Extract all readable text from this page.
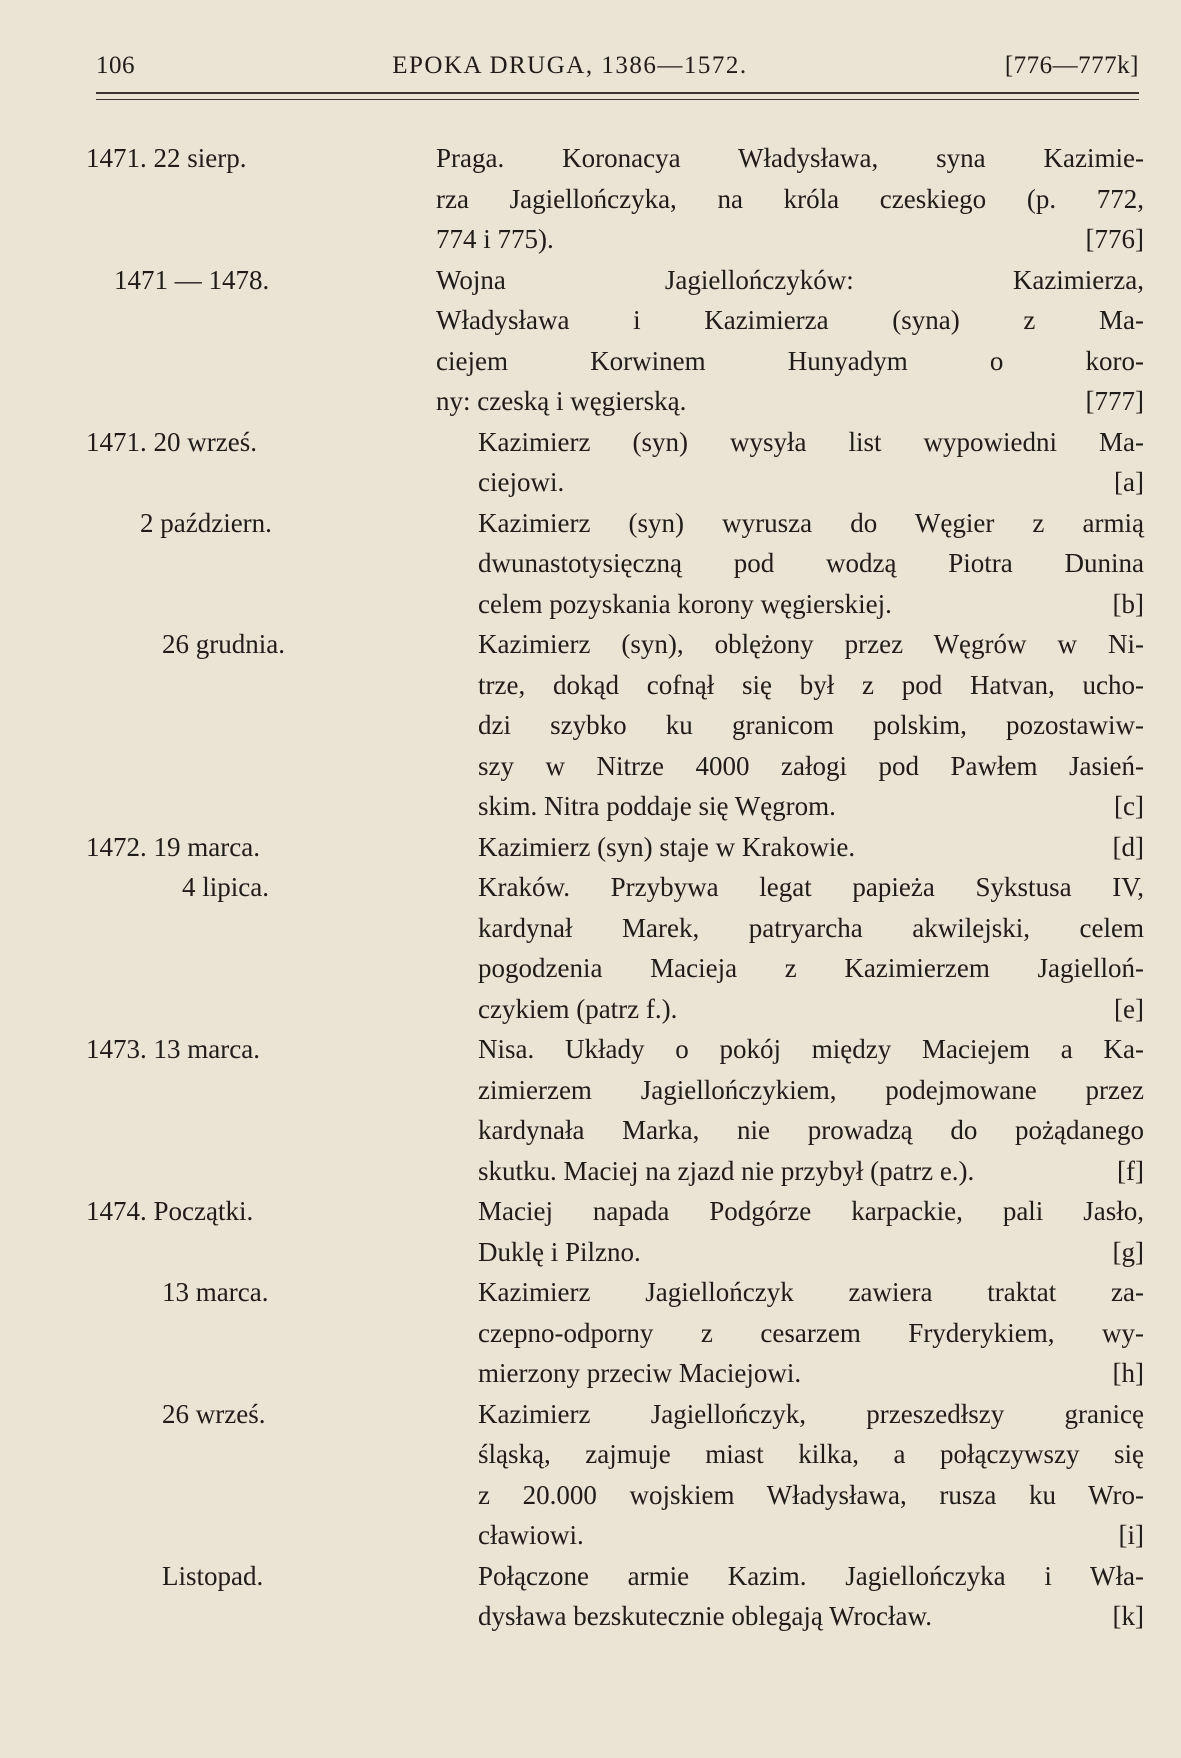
106	EPOKA DRUGA, 1386—1572.	[776—777k]
1471. 22 sierp.	Praga. Koronacya Władysława, syna Kazimie-
rza Jagiellończyka, na króla czeskiego (p. 772,
774 i 775).	[776]
1471 — 1478.	Wojna Jagiellończyków: Kazimierza,
Władysława i Kazimierza (syna) z Ma-
ciejem Korwinem Hunyadym o koro-
ny: czeską i węgierską.	[777]
1471. 20 wrześ.	Kazimierz (syn) wysyła list wypowiedni Ma-
ciejowi.	[a]
2 październ.	Kazimierz (syn) wyrusza do Węgier z armią
dwunastotysięczną pod wodzą Piotra Dunina
celem pozyskania korony węgierskiej.	[b]
26 grudnia.	Kazimierz (syn), oblężony przez Węgrów w Ni-
trze, dokąd cofnął się był z pod Hatvan, ucho-
dzi szybko ku granicom polskim, pozostawiw-
szy w Nitrze 4000 załogi pod Pawłem Jasień-
skim. Nitra poddaje się Węgrom.	[c]
1472. 19 marca.	Kazimierz (syn) staje w Krakowie.	[d]
4 lipica.	Kraków. Przybywa legat papieża Sykstusa IV,
kardynał Marek, patryarcha akwilejski, celem
pogodzenia Macieja z Kazimierzem Jagielloń-
czykiem (patrz f.).	[e]
1473. 13 marca.	Nisa. Układy o pokój między Maciejem a Ka-
zimierzem Jagiellończykiem, podejmowane przez
kardynała Marka, nie prowadzą do pożądanego
skutku. Maciej na zjazd nie przybył (patrz e.).	[f]
1474. Początki.	Maciej napada Podgórze karpackie, pali Jasło,
Duklę i Pilzno.	[g]
13 marca.	Kazimierz Jagiellończyk zawiera traktat za-
czepno-odporny z cesarzem Fryderykiem, wy-
mierzony przeciw Maciejowi.	[h]
26 wrześ.	Kazimierz Jagiellończyk, przeszedłszy granicę
śląską, zajmuje miast kilka, a połączywszy się
z 20.000 wojskiem Władysława, rusza ku Wro-
cławiowi.	[i]
Listopad.	Połączone armie Kazim. Jagiellończyka i Wła-
dysława bezskutecznie oblegają Wrocław.	[k]
